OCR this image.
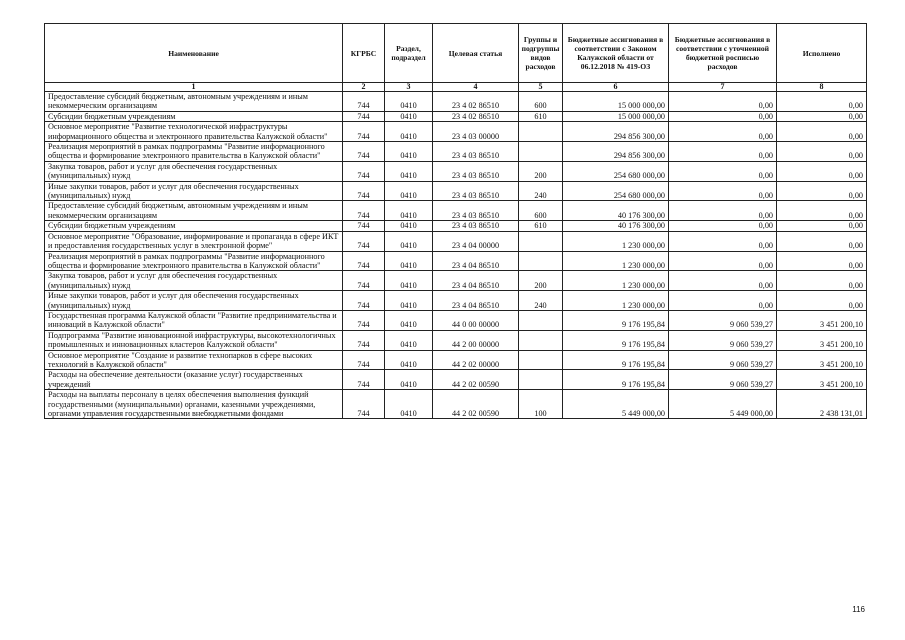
Наименование	КГРБС	Раздел, подраздел	Целевая статья	Группы и подгруппы видов расходов	Бюджетные ассигнования в соответствии с Законом Калужской области от 06.12.2018 № 419-ОЗ	Бюджетные ассигнования в соответствии с уточненной бюджетной росписью расходов	Исполнено
1	2	3	4	5	6	7	8
Предоставление субсидий бюджетным, автономным учреждениям и иным некоммерческим организациям	744	0410	23 4 02 86510	600	15 000 000,00	0,00	0,00
Субсидии бюджетным учреждениям	744	0410	23 4 02 86510	610	15 000 000,00	0,00	0,00
Основное мероприятие "Развитие технологической инфраструктуры информационного общества и электронного правительства Калужской области"	744	0410	23 4 03 00000		294 856 300,00	0,00	0,00
Реализация мероприятий в рамках подпрограммы "Развитие информационного общества и формирование электронного правительства в Калужской области"	744	0410	23 4 03 86510		294 856 300,00	0,00	0,00
Закупка товаров, работ и услуг для обеспечения государственных (муниципальных) нужд	744	0410	23 4 03 86510	200	254 680 000,00	0,00	0,00
Иные закупки товаров, работ и услуг для обеспечения государственных (муниципальных) нужд	744	0410	23 4 03 86510	240	254 680 000,00	0,00	0,00
Предоставление субсидий бюджетным, автономным учреждениям и иным некоммерческим организациям	744	0410	23 4 03 86510	600	40 176 300,00	0,00	0,00
Субсидии бюджетным учреждениям	744	0410	23 4 03 86510	610	40 176 300,00	0,00	0,00
Основное мероприятие "Образование, информирование и пропаганда в сфере ИКТ и предоставления государственных услуг в электронной форме"	744	0410	23 4 04 00000		1 230 000,00	0,00	0,00
Реализация мероприятий в рамках подпрограммы "Развитие информационного общества и формирование электронного правительства в Калужской области"	744	0410	23 4 04 86510		1 230 000,00	0,00	0,00
Закупка товаров, работ и услуг для обеспечения государственных (муниципальных) нужд	744	0410	23 4 04 86510	200	1 230 000,00	0,00	0,00
Иные закупки товаров, работ и услуг для обеспечения государственных (муниципальных) нужд	744	0410	23 4 04 86510	240	1 230 000,00	0,00	0,00
Государственная программа Калужской области "Развитие предпринимательства и инноваций в Калужской области"	744	0410	44 0 00 00000		9 176 195,84	9 060 539,27	3 451 200,10
Подпрограмма "Развитие инновационной инфраструктуры, высокотехнологичных промышленных и инновационных кластеров Калужской области"	744	0410	44 2 00 00000		9 176 195,84	9 060 539,27	3 451 200,10
Основное мероприятие "Создание и развитие технопарков в сфере высоких технологий в Калужской области"	744	0410	44 2 02 00000		9 176 195,84	9 060 539,27	3 451 200,10
Расходы на обеспечение деятельности (оказание услуг) государственных учреждений	744	0410	44 2 02 00590		9 176 195,84	9 060 539,27	3 451 200,10
Расходы на выплаты персоналу в целях обеспечения выполнения функций государственными (муниципальными) органами, казенными учреждениями, органами управления государственными внебюджетными фондами	744	0410	44 2 02 00590	100	5 449 000,00	5 449 000,00	2 438 131,01
116
